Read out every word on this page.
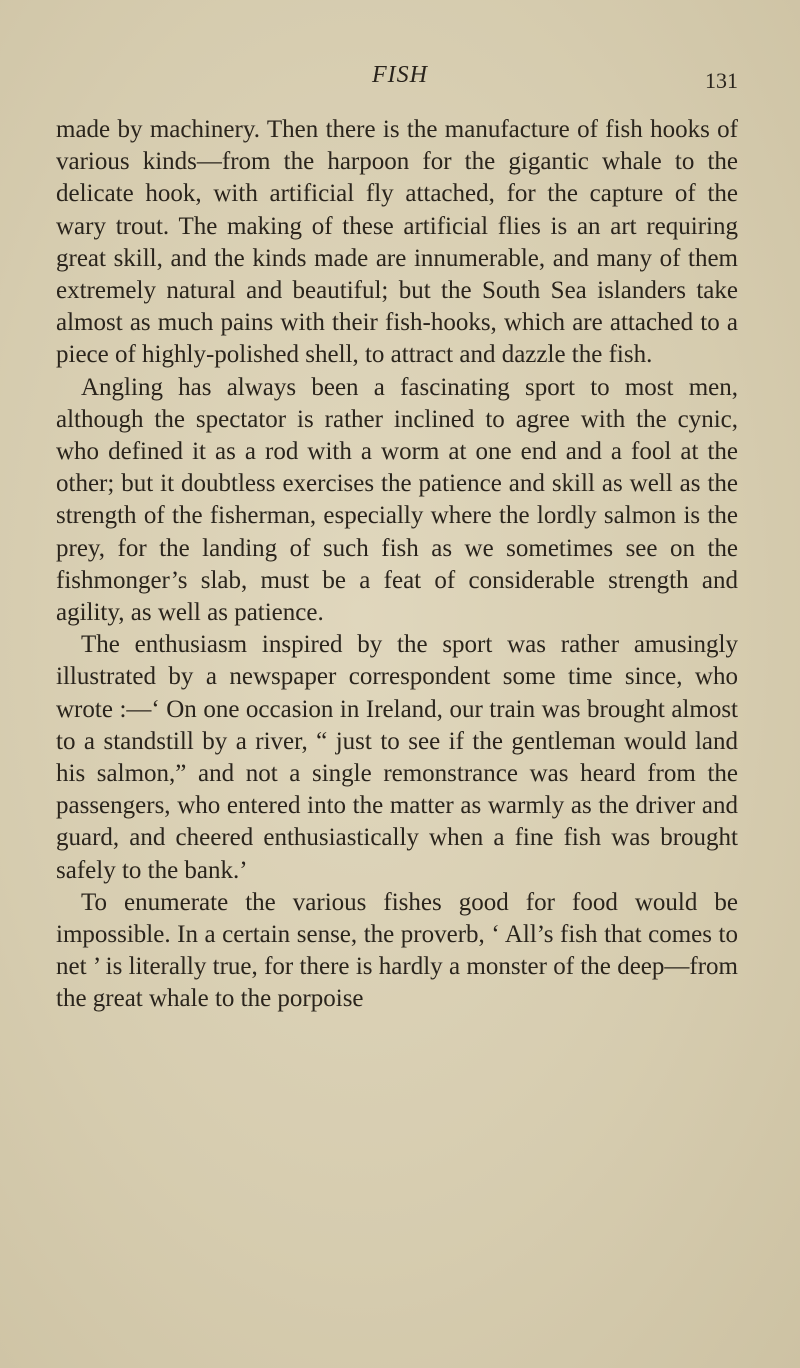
FISH	131

made by machinery. Then there is the manufacture of fish hooks of various kinds—from the harpoon for the gigantic whale to the delicate hook, with artificial fly attached, for the capture of the wary trout. The making of these artificial flies is an art requiring great skill, and the kinds made are innumerable, and many of them extremely natural and beautiful; but the South Sea islanders take almost as much pains with their fish-hooks, which are attached to a piece of highly-polished shell, to attract and dazzle the fish.

Angling has always been a fascinating sport to most men, although the spectator is rather inclined to agree with the cynic, who defined it as a rod with a worm at one end and a fool at the other; but it doubtless exercises the patience and skill as well as the strength of the fisherman, especially where the lordly salmon is the prey, for the landing of such fish as we sometimes see on the fishmonger’s slab, must be a feat of considerable strength and agility, as well as patience.

The enthusiasm inspired by the sport was rather amusingly illustrated by a newspaper correspondent some time since, who wrote :—‘ On one occasion in Ireland, our train was brought almost to a standstill by a river, “ just to see if the gentleman would land his salmon,” and not a single remonstrance was heard from the passengers, who entered into the matter as warmly as the driver and guard, and cheered enthusiastically when a fine fish was brought safely to the bank.’

To enumerate the various fishes good for food would be impossible. In a certain sense, the proverb, ‘ All’s fish that comes to net ’ is literally true, for there is hardly a monster of the deep—from the great whale to the porpoise
